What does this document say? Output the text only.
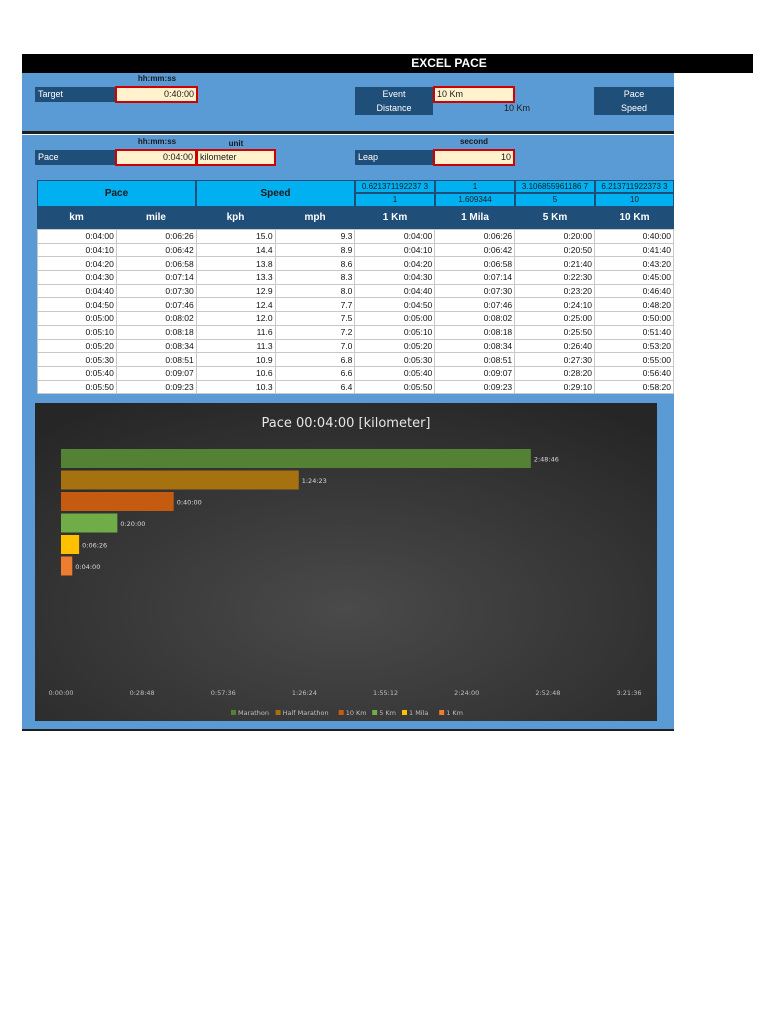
EXCEL PACE
hh:mm:ss
Target	0:40:00	Event	10 Km
Distance	10 Km
Pace
Speed
hh:mm:ss	unit	second
Pace	0:04:00 kilometer	Leap	10
Pace	Speed
0.621371192237 3	1	3.106855961186 7	6.213711922373 3
1	1.609344	5	10
km	mile	kph	mph	1 Km	1 Mila	5 Km	10 Km
0:04:00	0:06:26	15.0	9.3	0:04:00	0:06:26	0:20:00	0:40:00
0:04:10	0:06:42	14.4	8.9	0:04:10	0:06:42	0:20:50	0:41:40
0:04:20	0:06:58	13.8	8.6	0:04:20	0:06:58	0:21:40	0:43:20
0:04:30	0:07:14	13.3	8.3	0:04:30	0:07:14	0:22:30	0:45:00
0:04:40	0:07:30	12.9	8.0	0:04:40	0:07:30	0:23:20	0:46:40
0:04:50	0:07:46	12.4	7.7	0:04:50	0:07:46	0:24:10	0:48:20
0:05:00	0:08:02	12.0	7.5	0:05:00	0:08:02	0:25:00	0:50:00
0:05:10	0:08:18	11.6	7.2	0:05:10	0:08:18	0:25:50	0:51:40
0:05:20	0:08:34	11.3	7.0	0:05:20	0:08:34	0:26:40	0:53:20
0:05:30	0:08:51	10.9	6.8	0:05:30	0:08:51	0:27:30	0:55:00
0:05:40	0:09:07	10.6	6.6	0:05:40	0:09:07	0:28:20	0:56:40
0:05:50	0:09:23	10.3	6.4	0:05:50	0:09:23	0:29:10	0:58:20
Pace 00:04:00 [kilometer]
2:48:46
1:24:23
0:40:00
0:20:00
0:06:26
0:04:00
0:00:00	0:28:48	0:57:36	1:26:24	1:55:12	2:24:00	2:52:48	3:21:36
Marathon Half Marathon	10 Km 5 Km 1 Mila	1 Km
